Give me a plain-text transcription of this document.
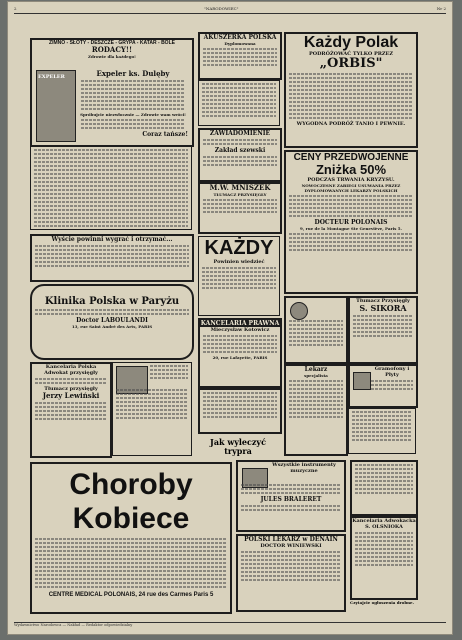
2	"NARODOWIEC"	Nr 2
ZIMNO - SŁOTY - DESZCZE - GRYPA - KATAR - BÓLE
RODACY!!
Zdrowie dla każdego!
EXPELER	Expeler ks. Dulęby
Spróbujcie niezwłocznie — Zdrowie wam wróci!
Coraz tańsze!
AKUSZERKA POLSKA
Dyplomowana
ZAWIADOMIENIE
Zakład szewski
M.W. MNISZEK
TŁUMACZ PRZYSIĘGŁY
Każdy Polak
PODRÓŻOWAĆ TYLKO PRZEZ
„ORBIS"
WYGODNA PODRÓŻ TANIO I PEWNIE.
CENY PRZEDWOJENNE
Zniżka 50%
PODCZAS TRWANIA KRYZYSU.
NOWOCZESNE ZABIEGI USUWANIA PRZEZ DYPLOMOWANYCH LEKARZY POLSKICH
DOCTEUR POLONAIS
9, rue de la Montagne Ste Geneviève, Paris 5.
Wyście powinni wygrać i otrzymać...
Klinika Polska w Paryżu
Doctor LABOULANDI
13, rue Saint André des Arts, PARIS
KAŻDY
Powinien wiedzieć
KANCELARIA PRAWNA
Mieczysław Kotowicz
20, rue Lafayette, PARIS
Tłumacz Przysięgły
S. SIKORA
Kancelaria Polska
Adwokat przysięgły
Tłumacz przysięgły
Jerzy Lewiński
Jak wyleczyć trypra
Lekarz
specjalista
Gramofony i Płyty
Choroby Kobiece
CENTRE MEDICAL POLONAIS, 24 rue des Carmes Paris 5
Wszystkie instrumenty muzyczne
JULES BRALERET
POLSKI LEKARZ w DENAIN
DOCTOR WINIEWSKI
Kancelaria Adwokacka
S. OLSNIOKA
Czytajcie ogłoszenia drobne.
Wydawnictwo Narodowca — Nakład — Redaktor odpowiedzialny
